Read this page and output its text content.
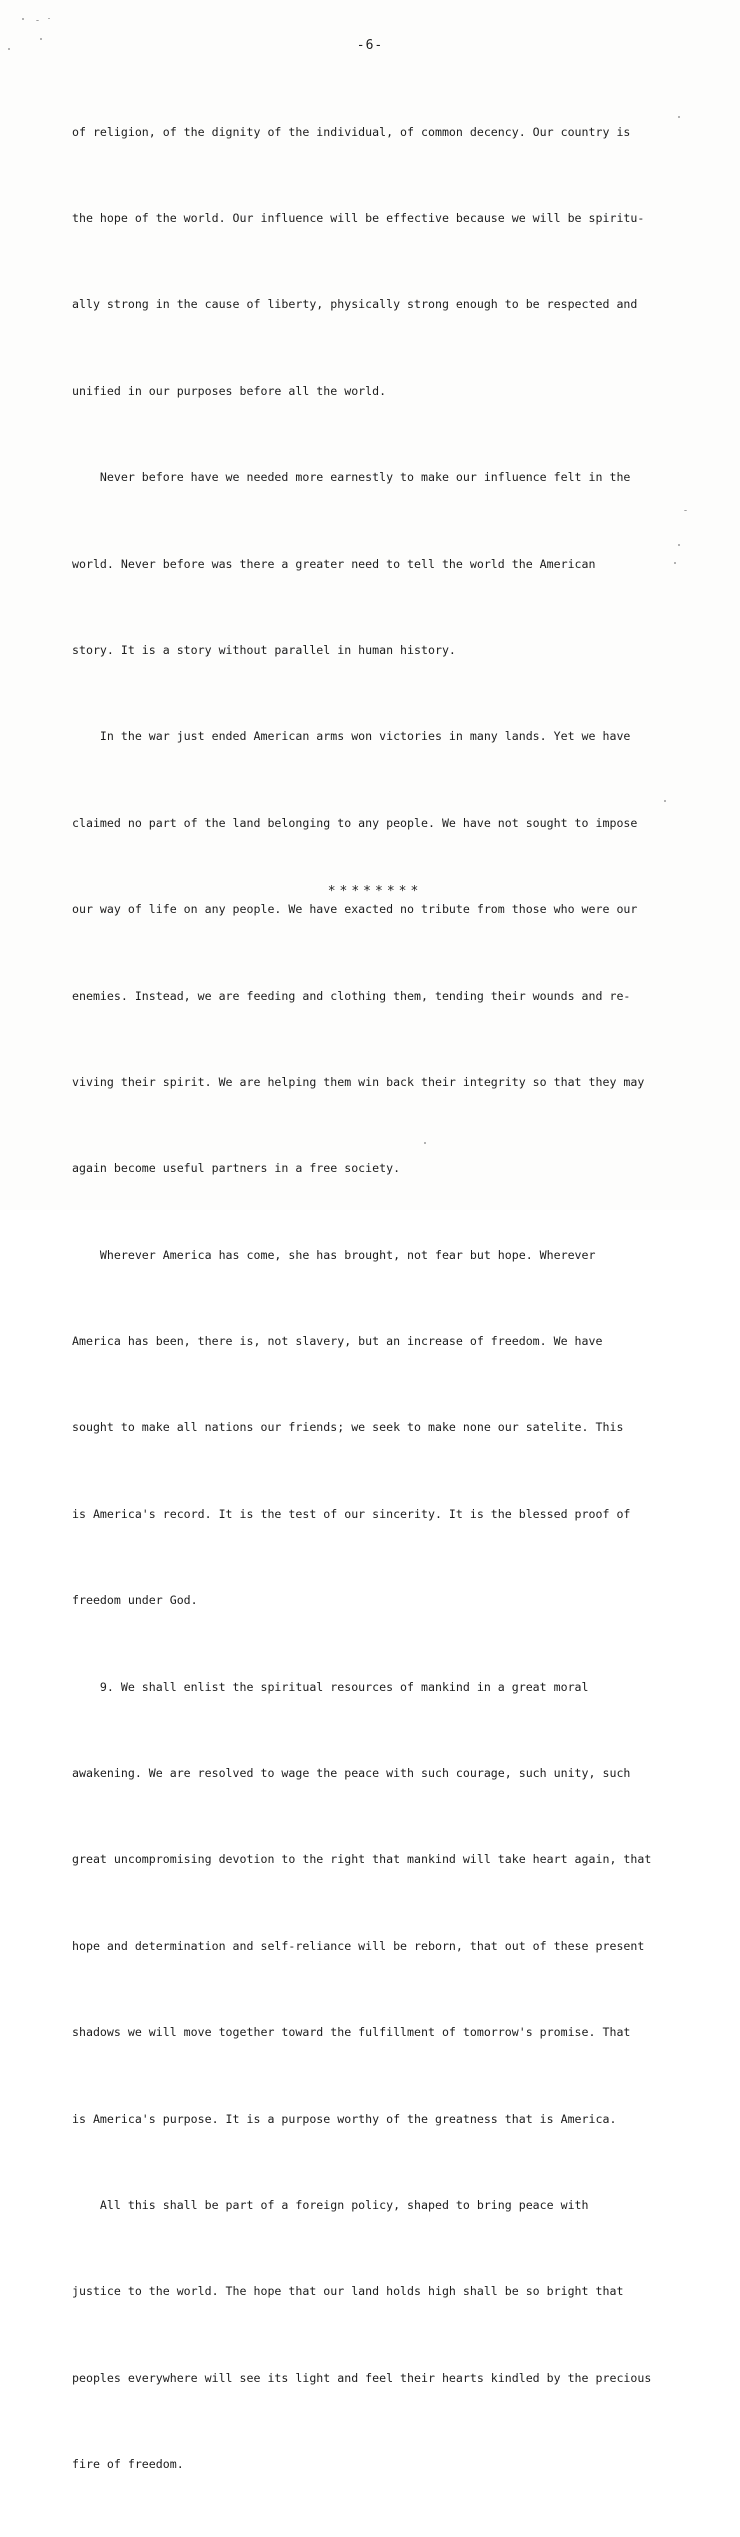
-6-

of religion, of the dignity of the individual, of common decency. Our country is

the hope of the world. Our influence will be effective because we will be spiritu-

ally strong in the cause of liberty, physically strong enough to be respected and

unified in our purposes before all the world.

Never before have we needed more earnestly to make our influence felt in the

world. Never before was there a greater need to tell the world the American

story. It is a story without parallel in human history.

In the war just ended American arms won victories in many lands. Yet we have

claimed no part of the land belonging to any people. We have not sought to impose

our way of life on any people. We have exacted no tribute from those who were our

enemies. Instead, we are feeding and clothing them, tending their wounds and re-

viving their spirit. We are helping them win back their integrity so that they may

again become useful partners in a free society.

Wherever America has come, she has brought, not fear but hope. Wherever

America has been, there is, not slavery, but an increase of freedom. We have

sought to make all nations our friends; we seek to make none our satelite. This

is America's record. It is the test of our sincerity. It is the blessed proof of

freedom under God.

9. We shall enlist the spiritual resources of mankind in a great moral

awakening. We are resolved to wage the peace with such courage, such unity, such

great uncompromising devotion to the right that mankind will take heart again, that

hope and determination and self-reliance will be reborn, that out of these present

shadows we will move together toward the fulfillment of tomorrow's promise. That

is America's purpose. It is a purpose worthy of the greatness that is America.

All this shall be part of a foreign policy, shaped to bring peace with

justice to the world. The hope that our land holds high shall be so bright that

peoples everywhere will see its light and feel their hearts kindled by the precious

fire of freedom.

********
